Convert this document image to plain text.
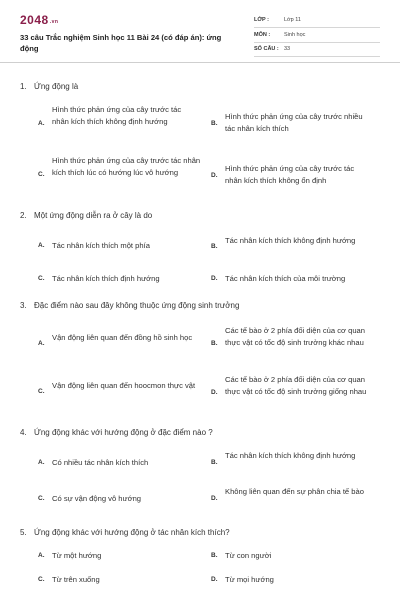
2048.vn
33 câu Trắc nghiệm Sinh học 11 Bài 24 (có đáp án): ứng động
LỚP :	Lớp 11
MÔN :	Sinh học
SỐ CÂU : 33
1. Ứng động là
A.
Hình thức phản ứng của cây trước tác nhân kích thích không định hướng	B.
Hình thức phản ứng của cây trước nhiều tác nhân kích thích
C.
Hình thức phản ứng của cây trước tác nhân kích thích lúc có hướng lúc vô hướng	D.
Hình thức phản ứng của cây trước tác nhân kích thích không ổn định
2. Một ứng động diễn ra ở cây là do
A. Tác nhân kích thích một phía	B.
Tác nhân kích thích không định hướng
C. Tác nhân kích thích định hướng	D. Tác nhân kích thích của môi trường
3. Đặc điểm nào sau đây không thuộc ứng động sinh trưởng
A.
Vận động liên quan đến đồng hồ sinh học
B.
Các tế bào ở 2 phía đối diện của cơ quan thực vật có tốc độ sinh trưởng khác nhau
C.
Vận động liên quan đến hoocmon thực vật
D.
Các tế bào ở 2 phía đối diện của cơ quan thực vật có tốc độ sinh trưởng giống nhau
4. Ứng động khác với hướng động ở đặc điểm nào ?
A. Có nhiều tác nhân kích thích	B.
Tác nhân kích thích không định hướng
C. Có sự vận động vô hướng	D.
Không liên quan đến sự phân chia tế bào
5. Ứng động khác với hướng động ở tác nhân kích thích?
A. Từ một hướng	B. Từ con người
C. Từ trên xuống	D. Từ mọi hướng
